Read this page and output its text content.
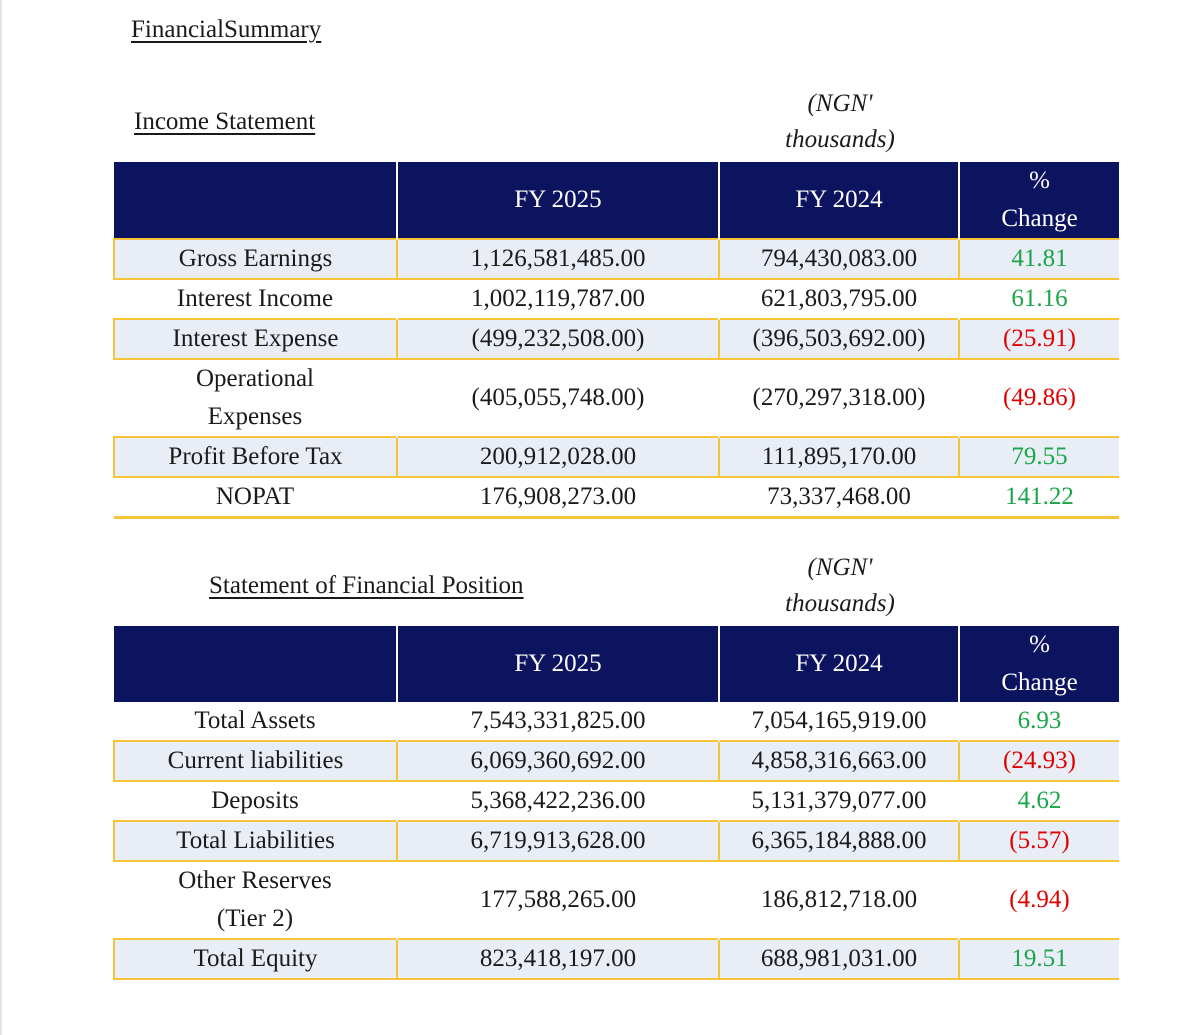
FinancialSummary
Income Statement
(NGN'
thousands)
	FY 2025	FY 2024	%
Change

Gross Earnings	1,126,581,485.00	794,430,083.00	41.81
Interest Income	1,002,119,787.00	621,803,795.00	61.16
Interest Expense	(499,232,508.00)	(396,503,692.00)	(25.91)

Operational
Expenses	(405,055,748.00)	(270,297,318.00)	(49.86)
Profit Before Tax	200,912,028.00	111,895,170.00	79.55
NOPAT	176,908,273.00	73,337,468.00	141.22
Statement of Financial Position
(NGN'
thousands)
	FY 2025	FY 2024	%
Change

Total Assets	7,543,331,825.00	7,054,165,919.00	6.93
Current liabilities	6,069,360,692.00	4,858,316,663.00	(24.93)
Deposits	5,368,422,236.00	5,131,379,077.00	4.62
Total Liabilities	6,719,913,628.00	6,365,184,888.00	(5.57)

Other Reserves
(Tier 2)	177,588,265.00	186,812,718.00	(4.94)
Total Equity	823,418,197.00	688,981,031.00	19.51
